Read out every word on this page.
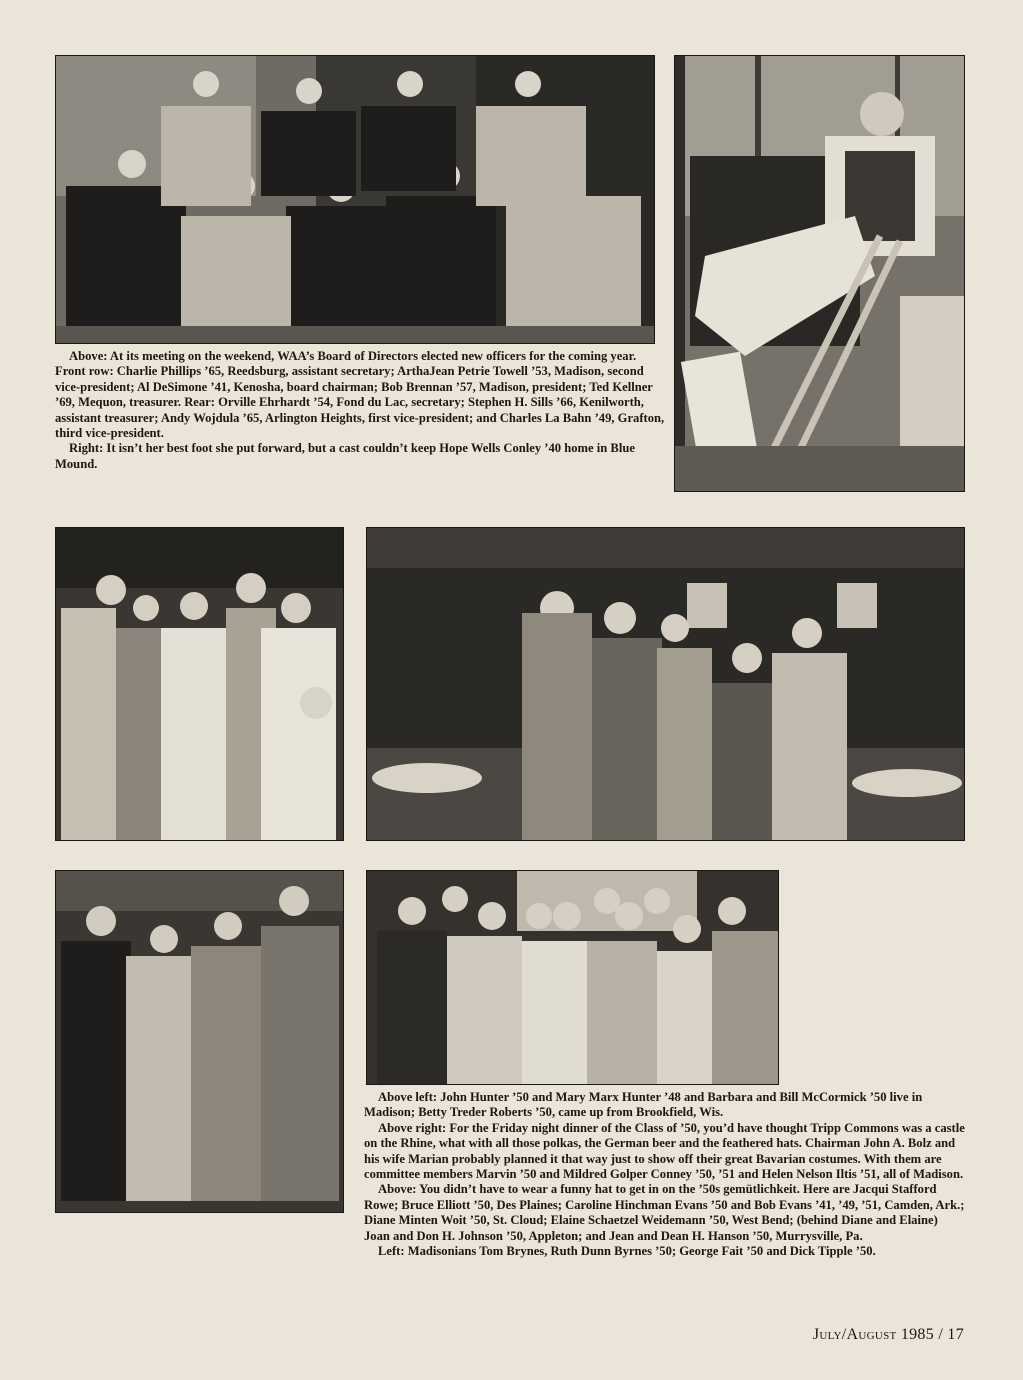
Above: At its meeting on the weekend, WAA’s Board of Directors elected new officers for the coming year. Front row: Charlie Phillips ’65, Reedsburg, assistant secretary; ArthaJean Petrie Towell ’53, Madison, second vice-president; Al DeSimone ’41, Kenosha, board chairman; Bob Brennan ’57, Madison, president; Ted Kellner ’69, Mequon, treasurer. Rear: Orville Ehrhardt ’54, Fond du Lac, secretary; Stephen H. Sills ’66, Kenilworth, assistant treasurer; Andy Wojdula ’65, Arlington Heights, first vice-president; and Charles La Bahn ’49, Grafton, third vice-president.

Right: It isn’t her best foot she put forward, but a cast couldn’t keep Hope Wells Conley ’40 home in Blue Mound.

Above left: John Hunter ’50 and Mary Marx Hunter ’48 and Barbara and Bill McCormick ’50 live in Madison; Betty Treder Roberts ’50, came up from Brookfield, Wis.

Above right: For the Friday night dinner of the Class of ’50, you’d have thought Tripp Commons was a castle on the Rhine, what with all those polkas, the German beer and the feathered hats. Chairman John A. Bolz and his wife Marian probably planned it that way just to show off their great Bavarian costumes. With them are committee members Marvin ’50 and Mildred Golper Conney ’50, ’51 and Helen Nelson Iltis ’51, all of Madison.

Above: You didn’t have to wear a funny hat to get in on the ’50s gemütlichkeit. Here are Jacqui Stafford Rowe; Bruce Elliott ’50, Des Plaines; Caroline Hinchman Evans ’50 and Bob Evans ’41, ’49, ’51, Camden, Ark.; Diane Minten Woit ’50, St. Cloud; Elaine Schaetzel Weidemann ’50, West Bend; (behind Diane and Elaine) Joan and Don H. Johnson ’50, Appleton; and Jean and Dean H. Hanson ’50, Murrysville, Pa.

Left: Madisonians Tom Brynes, Ruth Dunn Byrnes ’50; George Fait ’50 and Dick Tipple ’50.

July/August 1985 / 17
